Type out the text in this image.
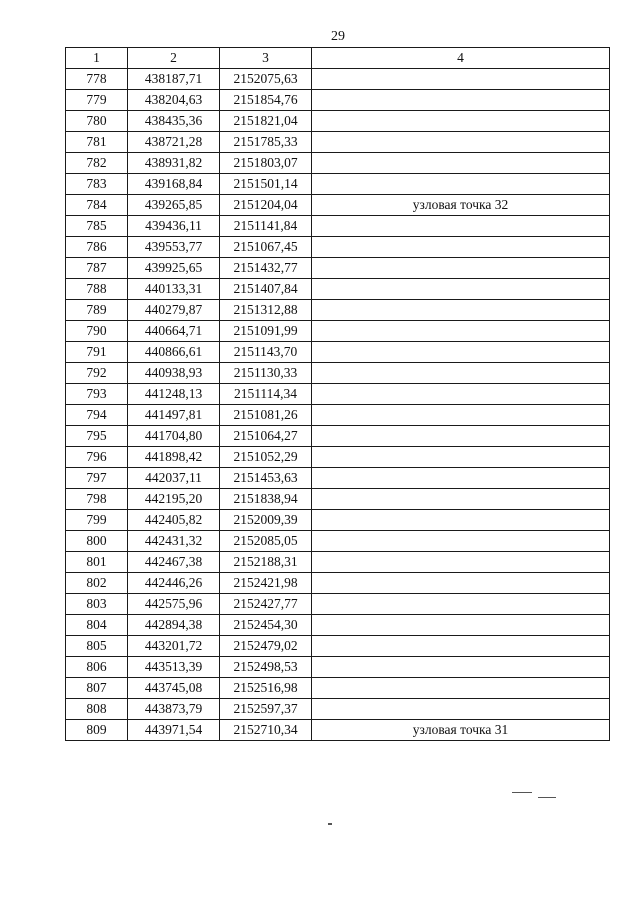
29
1	2	3	4
778	438187,71	2152075,63	
779	438204,63	2151854,76	
780	438435,36	2151821,04	
781	438721,28	2151785,33	
782	438931,82	2151803,07	
783	439168,84	2151501,14	
784	439265,85	2151204,04	узловая точка 32
785	439436,11	2151141,84	
786	439553,77	2151067,45	
787	439925,65	2151432,77	
788	440133,31	2151407,84	
789	440279,87	2151312,88	
790	440664,71	2151091,99	
791	440866,61	2151143,70	
792	440938,93	2151130,33	
793	441248,13	2151114,34	
794	441497,81	2151081,26	
795	441704,80	2151064,27	
796	441898,42	2151052,29	
797	442037,11	2151453,63	
798	442195,20	2151838,94	
799	442405,82	2152009,39	
800	442431,32	2152085,05	
801	442467,38	2152188,31	
802	442446,26	2152421,98	
803	442575,96	2152427,77	
804	442894,38	2152454,30	
805	443201,72	2152479,02	
806	443513,39	2152498,53	
807	443745,08	2152516,98	
808	443873,79	2152597,37	
809	443971,54	2152710,34	узловая точка 31
